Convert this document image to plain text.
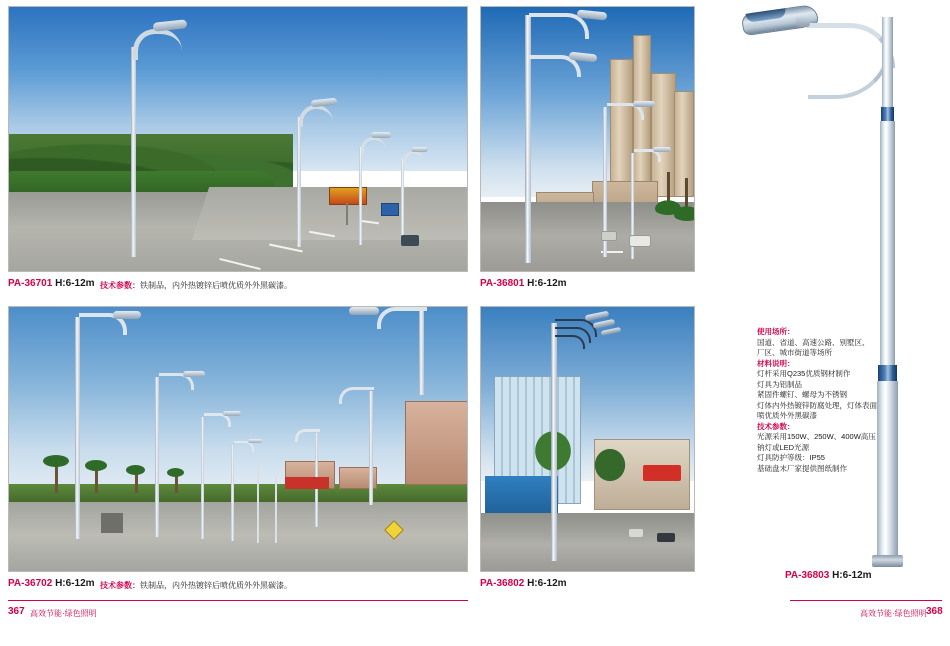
PA-36701 H:6-12m 技术参数：铁制品，内外热镀锌后喷优质外外黑碳漆。	PA-36801 H:6-12m
PA-36702 H:6-12m 技术参数：铁制品，内外热镀锌后喷优质外外黑碳漆。	PA-36802 H:6-12m
PA-36803 H:6-12m
使用场所：
国道、省道、高速公路、别墅区、
厂区、城市街道等场所
材料说明：
灯杆采用Q235优质钢材制作
灯具为铝制品
紧固件螺钉、螺母为不锈钢
灯体内外热镀锌防腐处理，灯体表面
喷优质外外黑碳漆
技术参数：
光源采用150W、250W、400W高压
钠灯或LED光源
灯具防护等级：IP55
基础盘末厂家提供图纸制作
367 高效节能·绿色照明	高效节能·绿色照明 368
